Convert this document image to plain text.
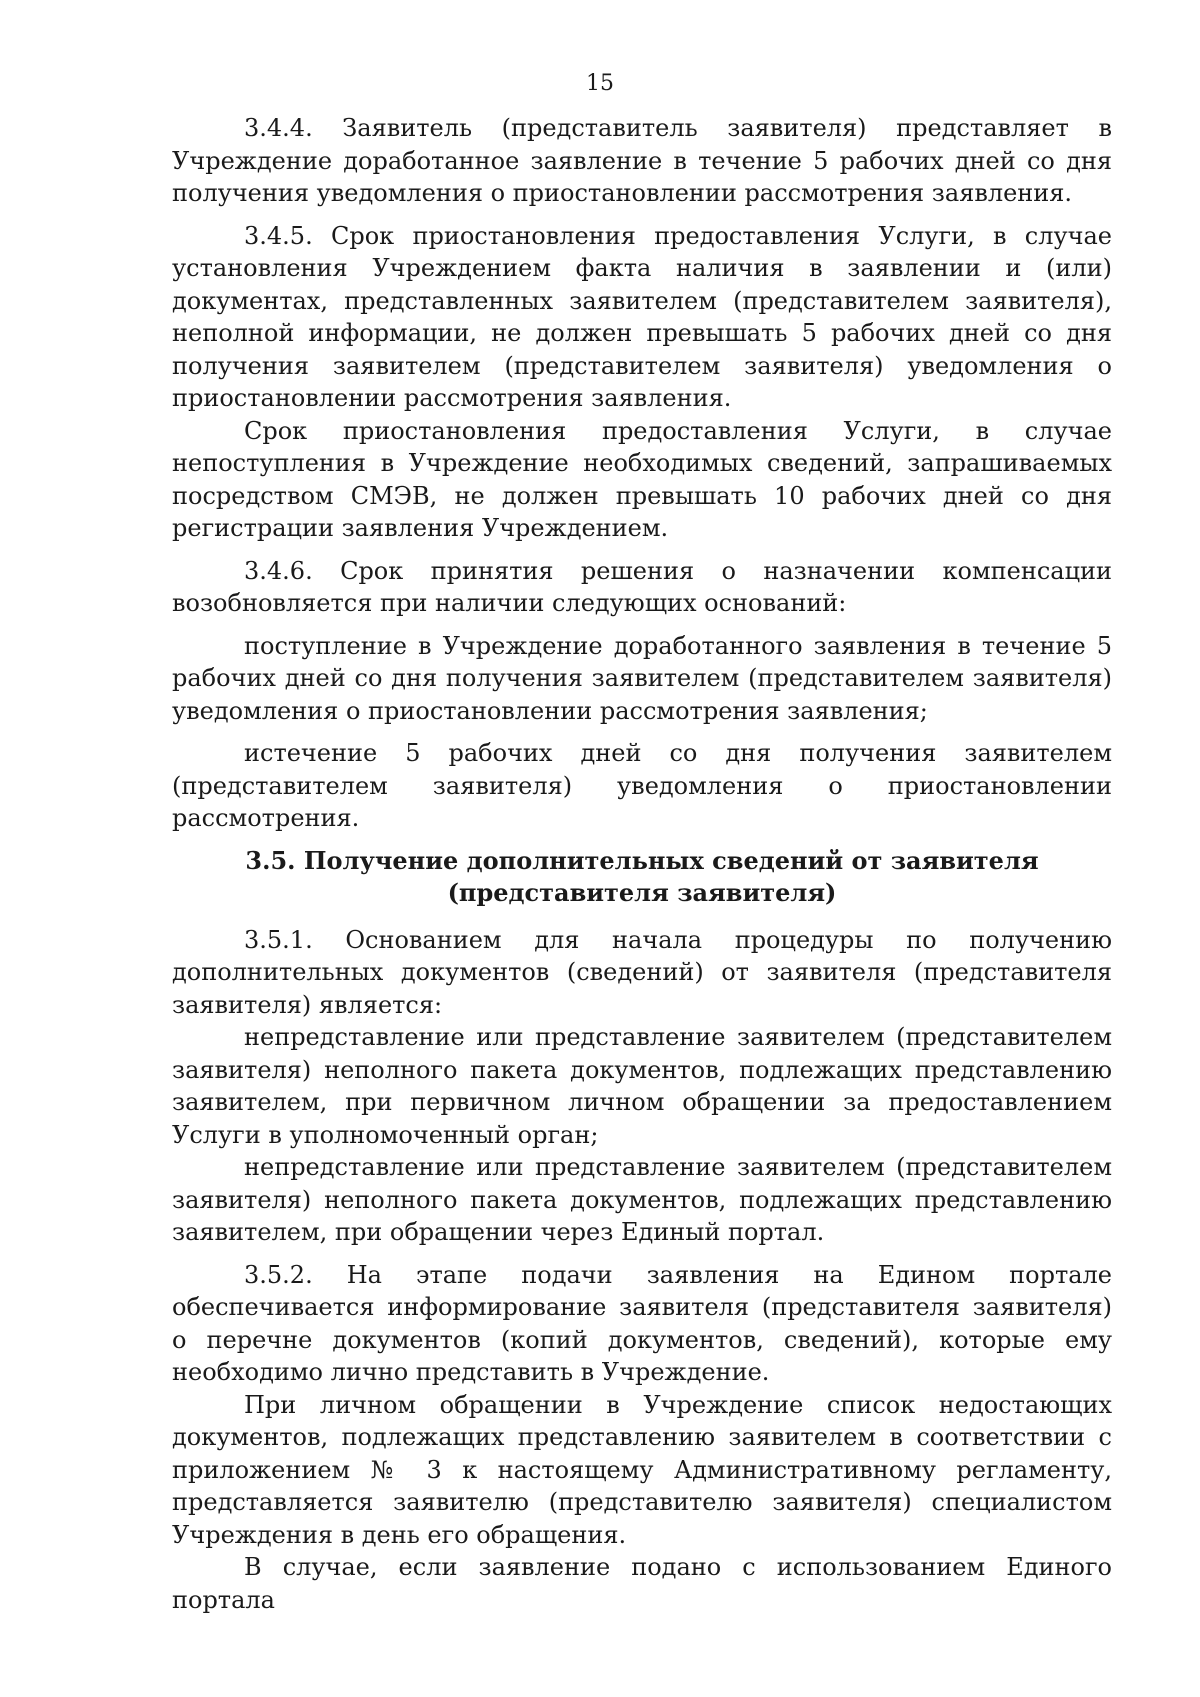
15

3.4.4. Заявитель (представитель заявителя) представляет в Учреждение доработанное заявление в течение 5 рабочих дней со дня получения уведомления о приостановлении рассмотрения заявления.

3.4.5. Срок приостановления предоставления Услуги, в случае установления Учреждением факта наличия в заявлении и (или) документах, представленных заявителем (представителем заявителя), неполной информации, не должен превышать 5 рабочих дней со дня получения заявителем (представителем заявителя) уведомления о приостановлении рассмотрения заявления.

Срок приостановления предоставления Услуги, в случае непоступления в Учреждение необходимых сведений, запрашиваемых посредством СМЭВ, не должен превышать 10 рабочих дней со дня регистрации заявления Учреждением.

3.4.6. Срок принятия решения о назначении компенсации возобновляется при наличии следующих оснований:

поступление в Учреждение доработанного заявления в течение 5 рабочих дней со дня получения заявителем (представителем заявителя) уведомления о приостановлении рассмотрения заявления;

истечение 5 рабочих дней со дня получения заявителем (представителем заявителя) уведомления о приостановлении рассмотрения.

3.5. Получение дополнительных сведений от заявителя (представителя заявителя)

3.5.1. Основанием для начала процедуры по получению дополнительных документов (сведений) от заявителя (представителя заявителя) является:

непредставление или представление заявителем (представителем заявителя) неполного пакета документов, подлежащих представлению заявителем, при первичном личном обращении за предоставлением Услуги в уполномоченный орган;

непредставление или представление заявителем (представителем заявителя) неполного пакета документов, подлежащих представлению заявителем, при обращении через Единый портал.

3.5.2. На этапе подачи заявления на Едином портале обеспечивается информирование заявителя (представителя заявителя) о перечне документов (копий документов, сведений), которые ему необходимо лично представить в Учреждение.

При личном обращении в Учреждение список недостающих документов, подлежащих представлению заявителем в соответствии с приложением № 3 к настоящему Административному регламенту, представляется заявителю (представителю заявителя) специалистом Учреждения в день его обращения.

В случае, если заявление подано с использованием Единого портала
